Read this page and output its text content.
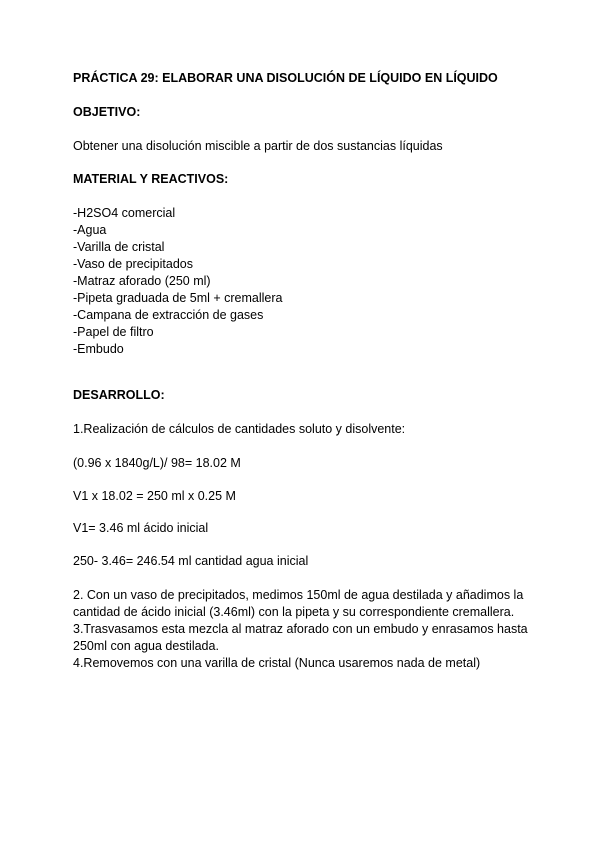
PRÁCTICA 29: ELABORAR UNA DISOLUCIÓN DE LÍQUIDO EN LÍQUIDO
OBJETIVO:

Obtener una disolución miscible a partir de dos sustancias líquidas

MATERIAL Y REACTIVOS:
-H2SO4 comercial
-Agua
-Varilla de cristal
-Vaso de precipitados
-Matraz aforado (250 ml)
-Pipeta graduada de 5ml + cremallera
-Campana de extracción de gases
-Papel de filtro
-Embudo
DESARROLLO:

1.Realización de cálculos de cantidades soluto y disolvente:

(0.96 x 1840g/L)/ 98= 18.02 M

V1 x 18.02 = 250 ml x 0.25 M

V1= 3.46 ml ácido inicial

250- 3.46= 246.54 ml cantidad agua inicial

2. Con un vaso de precipitados, medimos 150ml de agua destilada y añadimos la

cantidad de ácido inicial (3.46ml) con la pipeta y su correspondiente cremallera.

3.Trasvasamos esta mezcla al matraz aforado con un embudo y enrasamos hasta

250ml con agua destilada.

4.Removemos con una varilla de cristal (Nunca usaremos nada de metal)
